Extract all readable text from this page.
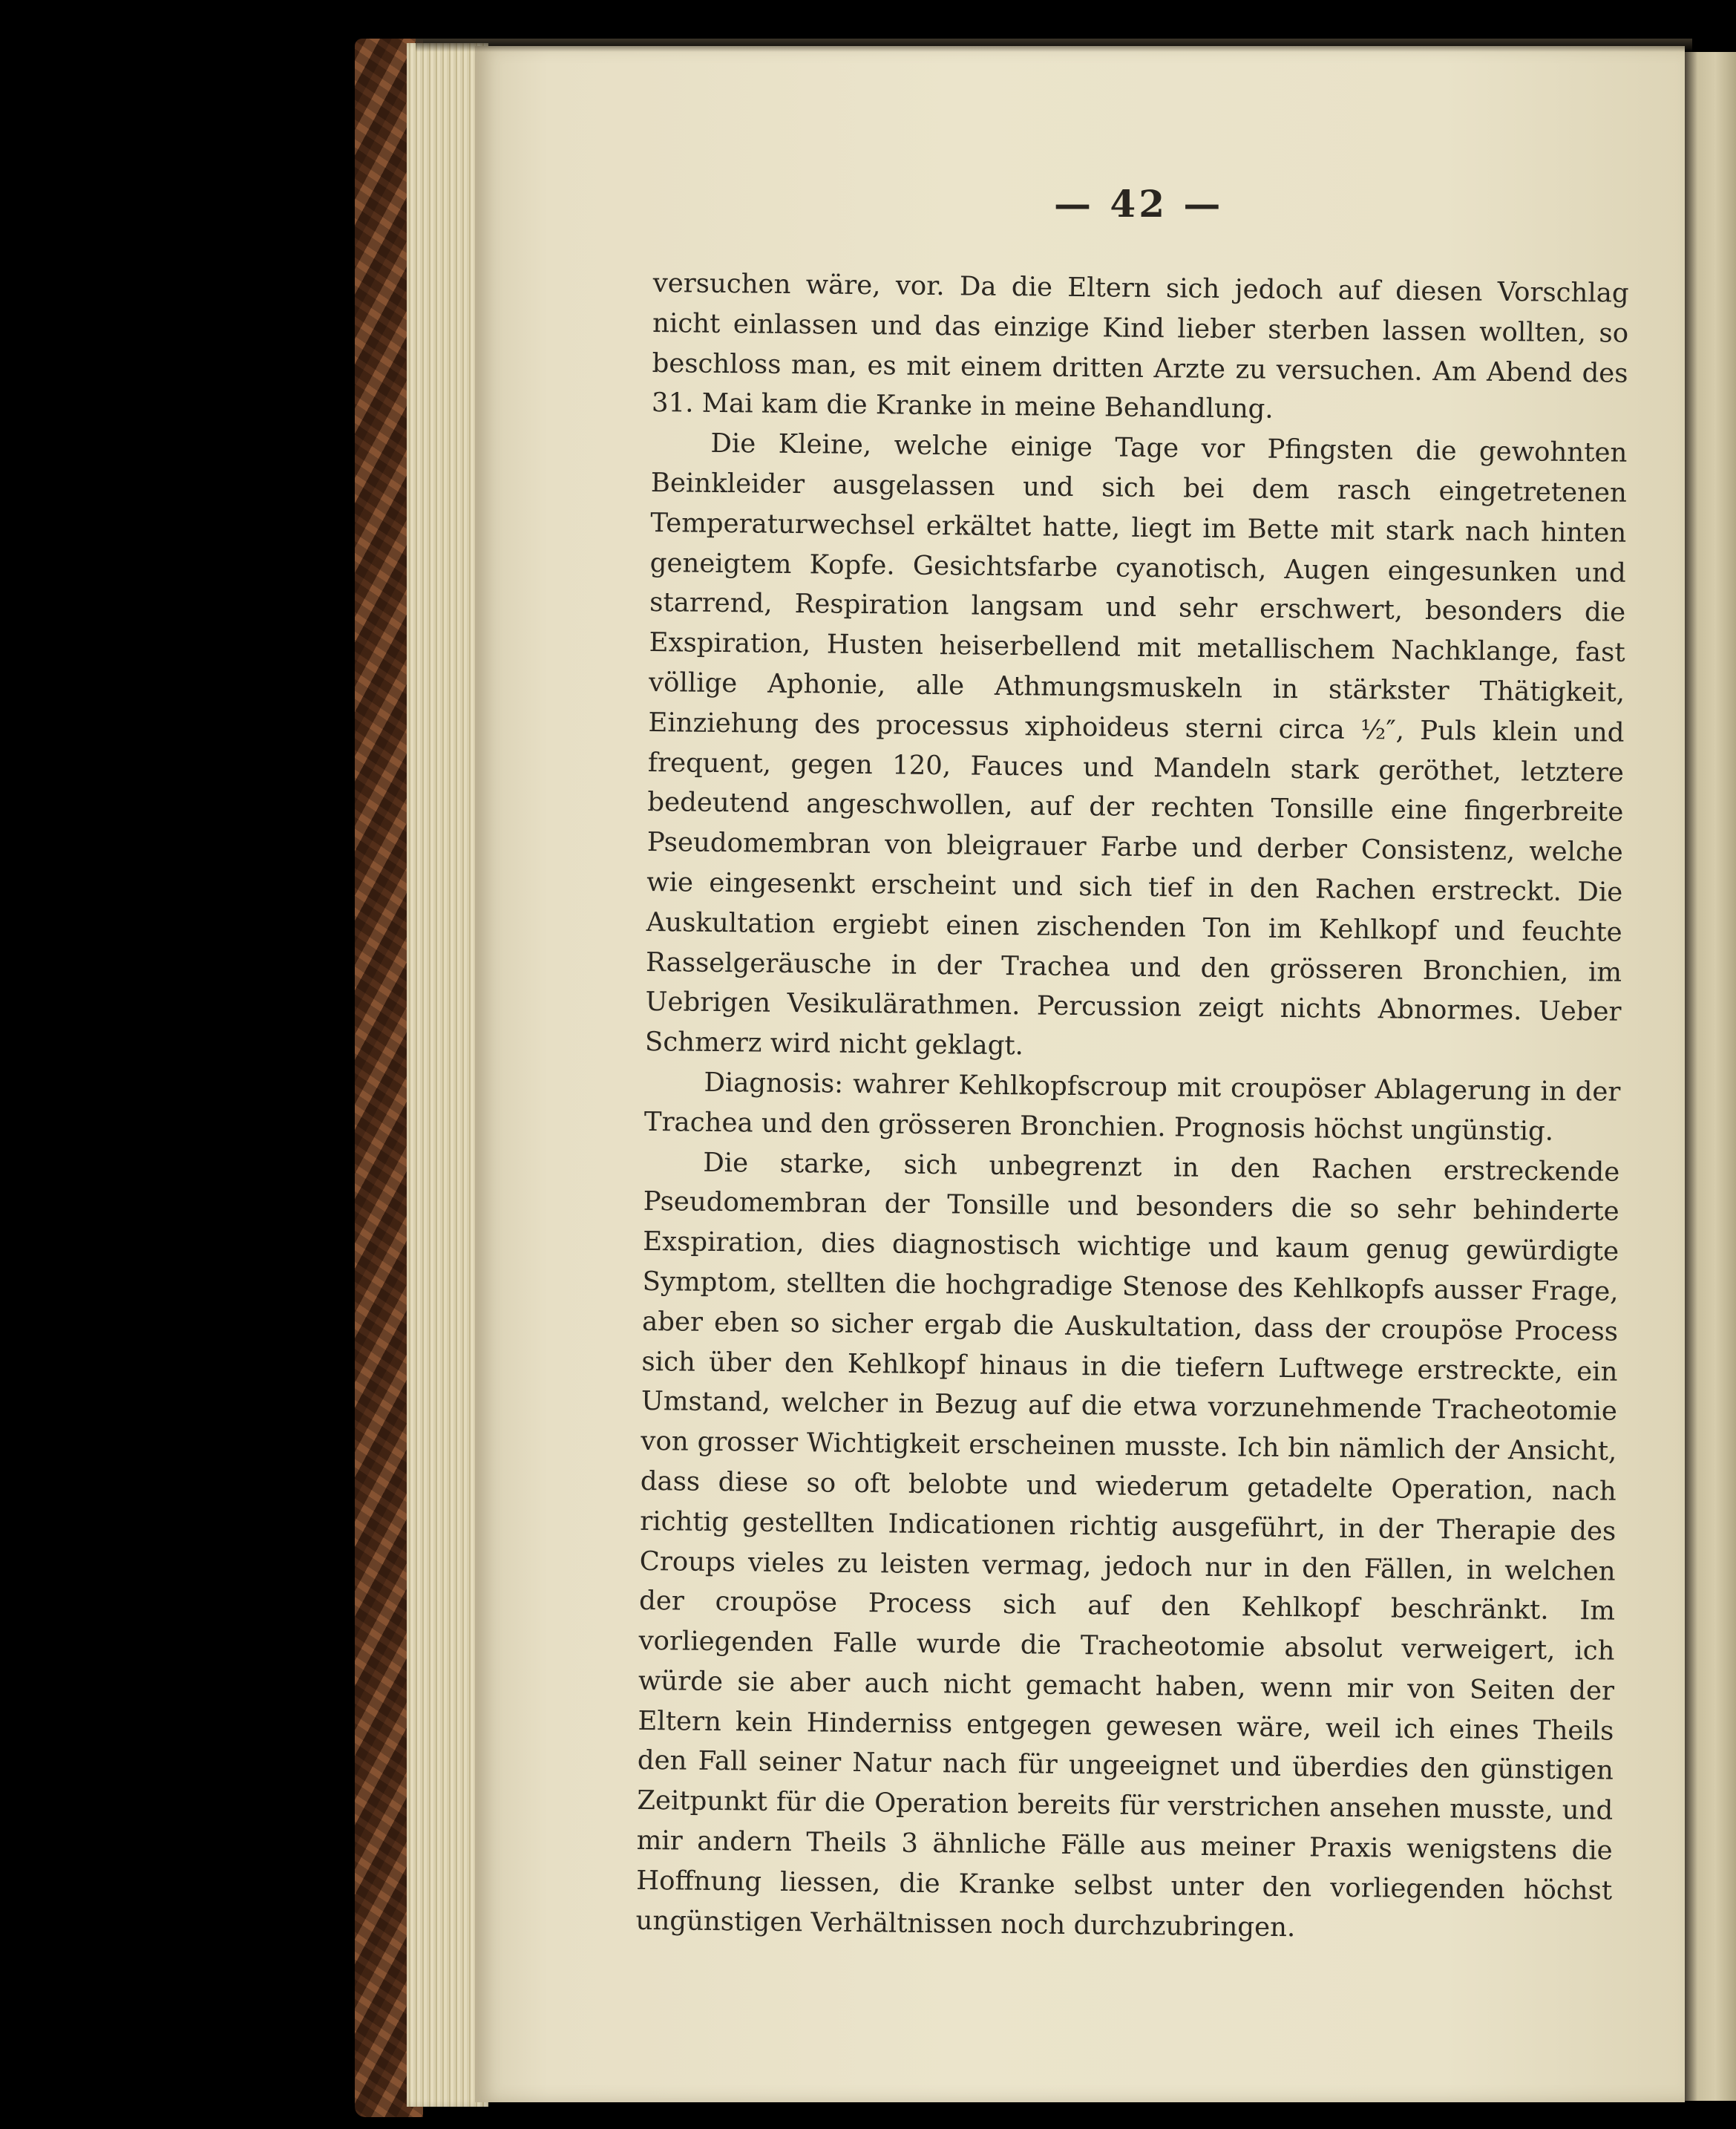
— 42 —

versuchen wäre, vor. Da die Eltern sich jedoch auf diesen Vorschlag nicht einlassen und das einzige Kind lieber sterben lassen wollten, so beschloss man, es mit einem dritten Arzte zu versuchen. Am Abend des 31. Mai kam die Kranke in meine Behandlung.

Die Kleine, welche einige Tage vor Pfingsten die gewohnten Beinkleider ausgelassen und sich bei dem rasch eingetretenen Temperaturwechsel erkältet hatte, liegt im Bette mit stark nach hinten geneigtem Kopfe. Gesichtsfarbe cyanotisch, Augen eingesunken und starrend, Respiration langsam und sehr erschwert, besonders die Exspiration, Husten heiserbellend mit metallischem Nachklange, fast völlige Aphonie, alle Athmungsmuskeln in stärkster Thätigkeit, Einziehung des processus xiphoideus sterni circa ½″, Puls klein und frequent, gegen 120, Fauces und Mandeln stark geröthet, letztere bedeutend angeschwollen, auf der rechten Tonsille eine fingerbreite Pseudomembran von bleigrauer Farbe und derber Consistenz, welche wie eingesenkt erscheint und sich tief in den Rachen erstreckt. Die Auskultation ergiebt einen zischenden Ton im Kehlkopf und feuchte Rasselgeräusche in der Trachea und den grösseren Bronchien, im Uebrigen Vesikulärathmen. Percussion zeigt nichts Abnormes. Ueber Schmerz wird nicht geklagt.

Diagnosis: wahrer Kehlkopfscroup mit croupöser Ablagerung in der Trachea und den grösseren Bronchien. Prognosis höchst ungünstig.

Die starke, sich unbegrenzt in den Rachen erstreckende Pseudomembran der Tonsille und besonders die so sehr behinderte Exspiration, dies diagnostisch wichtige und kaum genug gewürdigte Symptom, stellten die hochgradige Stenose des Kehlkopfs ausser Frage, aber eben so sicher ergab die Auskultation, dass der croupöse Process sich über den Kehlkopf hinaus in die tiefern Luftwege erstreckte, ein Umstand, welcher in Bezug auf die etwa vorzunehmende Tracheotomie von grosser Wichtigkeit erscheinen musste. Ich bin nämlich der Ansicht, dass diese so oft belobte und wiederum getadelte Operation, nach richtig gestellten Indicationen richtig ausgeführt, in der Therapie des Croups vieles zu leisten vermag, jedoch nur in den Fällen, in welchen der croupöse Process sich auf den Kehlkopf beschränkt. Im vorliegenden Falle wurde die Tracheotomie absolut verweigert, ich würde sie aber auch nicht gemacht haben, wenn mir von Seiten der Eltern kein Hinderniss entgegen gewesen wäre, weil ich eines Theils den Fall seiner Natur nach für ungeeignet und überdies den günstigen Zeitpunkt für die Operation bereits für verstrichen ansehen musste, und mir andern Theils 3 ähnliche Fälle aus meiner Praxis wenigstens die Hoffnung liessen, die Kranke selbst unter den vorliegenden höchst ungünstigen Verhältnissen noch durchzubringen.
